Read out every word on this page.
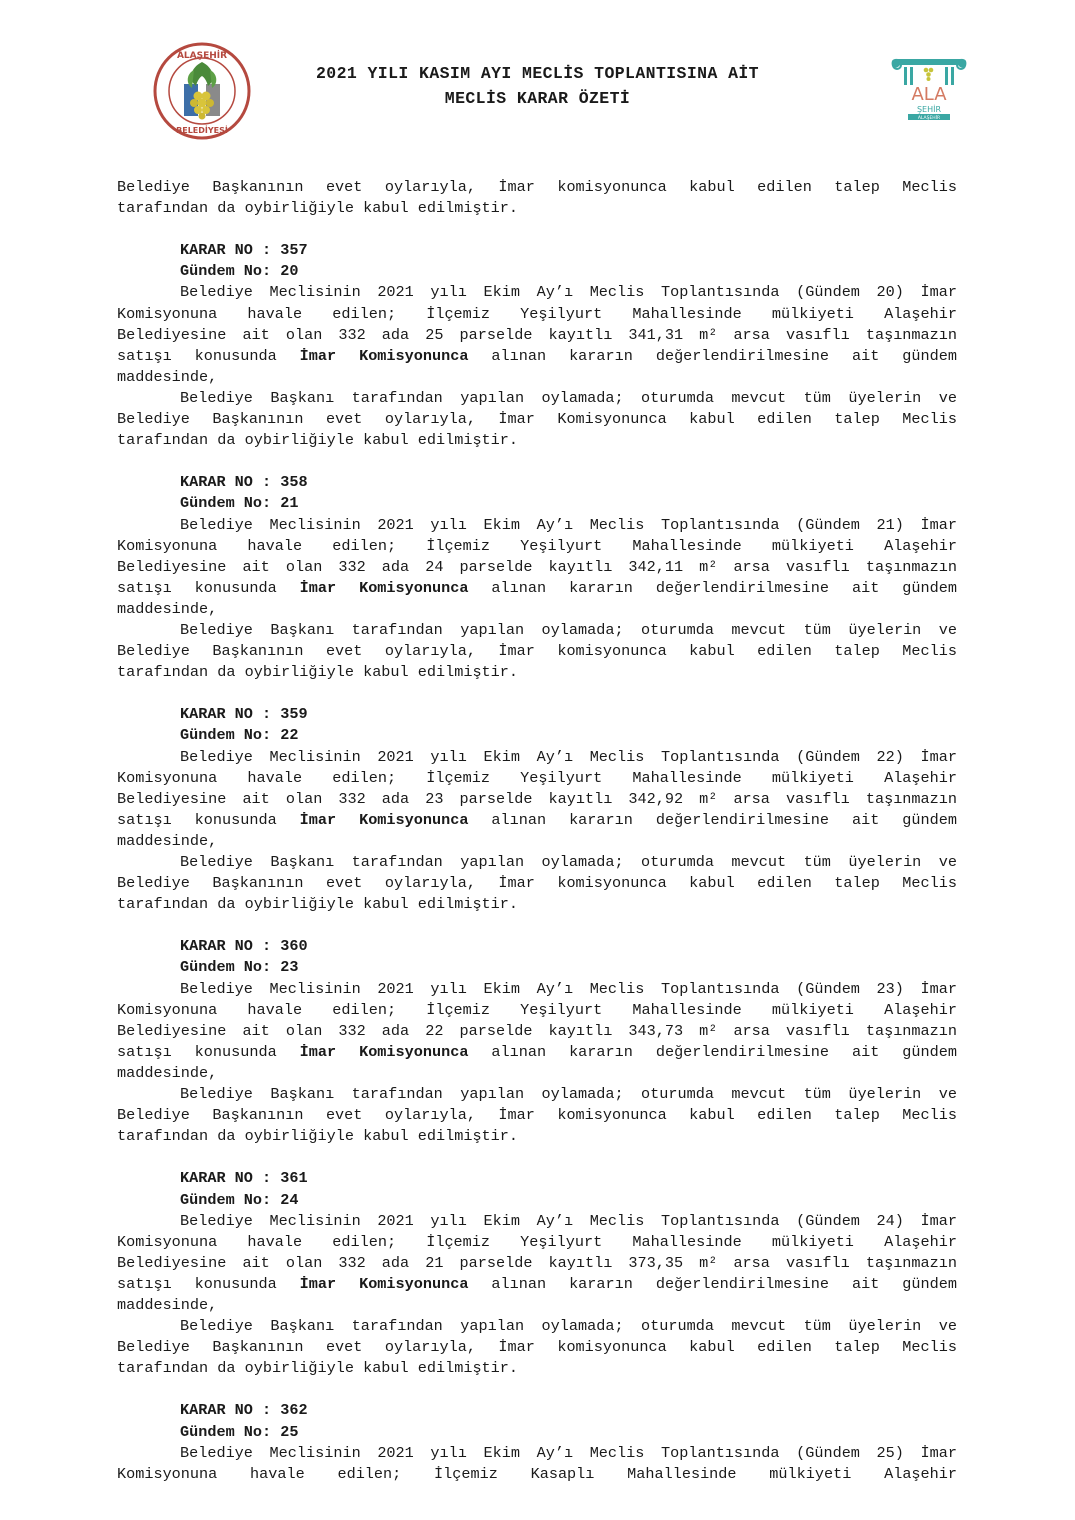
ALAŞEHİR
BELEDİYESİ
2021 YILI KASIM AYI MECLİS TOPLANTISINA AİT
MECLİS KARAR ÖZETİ	ALA
ŞEHİR
ALAŞEHİR
Belediye Başkanının evet oylarıyla, İmar komisyonunca kabul edilen talep Meclis
tarafından da oybirliğiyle kabul edilmiştir.
KARAR NO : 357
Gündem No: 20
Belediye Meclisinin 2021 yılı Ekim Ay’ı Meclis Toplantısında (Gündem 20) İmar
Komisyonuna havale edilen; İlçemiz Yeşilyurt Mahallesinde mülkiyeti Alaşehir
Belediyesine ait olan 332 ada 25 parselde kayıtlı 341,31 m² arsa vasıflı taşınmazın
satışı konusunda İmar Komisyonunca alınan kararın değerlendirilmesine ait gündem
maddesinde,
Belediye Başkanı tarafından yapılan oylamada; oturumda mevcut tüm üyelerin ve
Belediye Başkanının evet oylarıyla, İmar Komisyonunca kabul edilen talep Meclis
tarafından da oybirliğiyle kabul edilmiştir.
KARAR NO : 358
Gündem No: 21
Belediye Meclisinin 2021 yılı Ekim Ay’ı Meclis Toplantısında (Gündem 21) İmar
Komisyonuna havale edilen; İlçemiz Yeşilyurt Mahallesinde mülkiyeti Alaşehir
Belediyesine ait olan 332 ada 24 parselde kayıtlı 342,11 m² arsa vasıflı taşınmazın
satışı konusunda İmar Komisyonunca alınan kararın değerlendirilmesine ait gündem
maddesinde,
Belediye Başkanı tarafından yapılan oylamada; oturumda mevcut tüm üyelerin ve
Belediye Başkanının evet oylarıyla, İmar komisyonunca kabul edilen talep Meclis
tarafından da oybirliğiyle kabul edilmiştir.
KARAR NO : 359
Gündem No: 22
Belediye Meclisinin 2021 yılı Ekim Ay’ı Meclis Toplantısında (Gündem 22) İmar
Komisyonuna havale edilen; İlçemiz Yeşilyurt Mahallesinde mülkiyeti Alaşehir
Belediyesine ait olan 332 ada 23 parselde kayıtlı 342,92 m² arsa vasıflı taşınmazın
satışı konusunda İmar Komisyonunca alınan kararın değerlendirilmesine ait gündem
maddesinde,
Belediye Başkanı tarafından yapılan oylamada; oturumda mevcut tüm üyelerin ve
Belediye Başkanının evet oylarıyla, İmar komisyonunca kabul edilen talep Meclis
tarafından da oybirliğiyle kabul edilmiştir.
KARAR NO : 360
Gündem No: 23
Belediye Meclisinin 2021 yılı Ekim Ay’ı Meclis Toplantısında (Gündem 23) İmar
Komisyonuna havale edilen; İlçemiz Yeşilyurt Mahallesinde mülkiyeti Alaşehir
Belediyesine ait olan 332 ada 22 parselde kayıtlı 343,73 m² arsa vasıflı taşınmazın
satışı konusunda İmar Komisyonunca alınan kararın değerlendirilmesine ait gündem
maddesinde,
Belediye Başkanı tarafından yapılan oylamada; oturumda mevcut tüm üyelerin ve
Belediye Başkanının evet oylarıyla, İmar komisyonunca kabul edilen talep Meclis
tarafından da oybirliğiyle kabul edilmiştir.
KARAR NO : 361
Gündem No: 24
Belediye Meclisinin 2021 yılı Ekim Ay’ı Meclis Toplantısında (Gündem 24) İmar
Komisyonuna havale edilen; İlçemiz Yeşilyurt Mahallesinde mülkiyeti Alaşehir
Belediyesine ait olan 332 ada 21 parselde kayıtlı 373,35 m² arsa vasıflı taşınmazın
satışı konusunda İmar Komisyonunca alınan kararın değerlendirilmesine ait gündem
maddesinde,
Belediye Başkanı tarafından yapılan oylamada; oturumda mevcut tüm üyelerin ve
Belediye Başkanının evet oylarıyla, İmar komisyonunca kabul edilen talep Meclis
tarafından da oybirliğiyle kabul edilmiştir.
KARAR NO : 362
Gündem No: 25
Belediye Meclisinin 2021 yılı Ekim Ay’ı Meclis Toplantısında (Gündem 25) İmar
Komisyonuna havale edilen; İlçemiz Kasaplı Mahallesinde mülkiyeti Alaşehir
